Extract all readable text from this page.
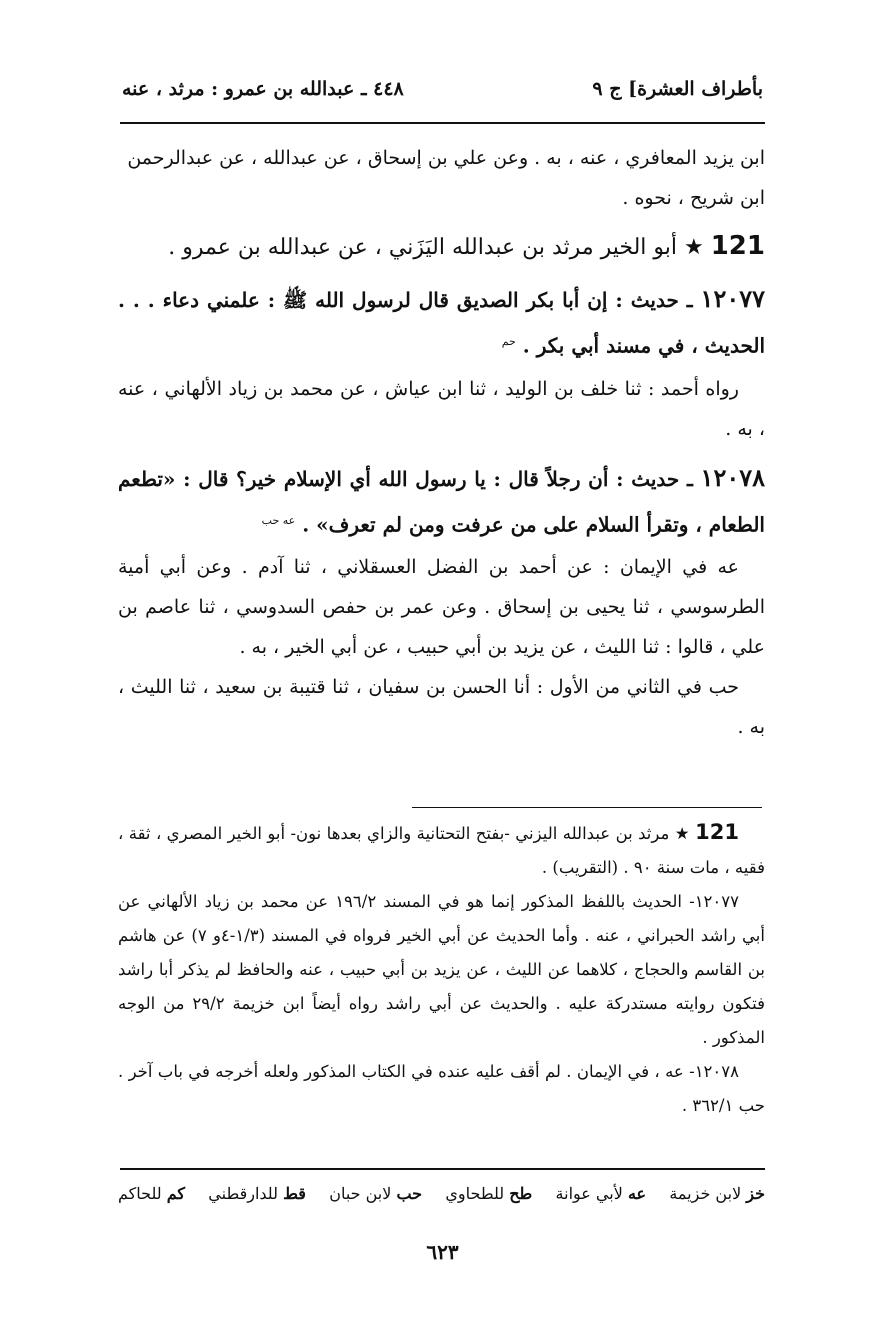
بأطراف العشرة] ج ٩
٤٤٨ ـ عبدالله بن عمرو : مرثد ، عنه

ابن يزيد المعافري ، عنه ، به . وعن علي بن إسحاق ، عن عبدالله ، عن عبدالرحمن

ابن شريح ، نحوه .

121 ★ أبو الخير مرثد بن عبدالله اليَزَني ، عن عبدالله بن عمرو .
١٢٠٧٧ ـ حديث : إن أبا بكر الصديق قال لرسول الله ﷺ : علمني دعاء . . . الحديث ، في مسند أبي بكر . $^{حم}$

رواه أحمد : ثنا خلف بن الوليد ، ثنا ابن عياش ، عن محمد بن زياد الألهاني ، عنه ، به .

١٢٠٧٨ ـ حديث : أن رجلاً قال : يا رسول الله أي الإسلام خير؟ قال : «تطعم الطعام ، وتقرأ السلام على من عرفت ومن لم تعرف» . $^{عه حب}$

عه في الإيمان : عن أحمد بن الفضل العسقلاني ، ثنا آدم . وعن أبي أمية الطرسوسي ، ثنا يحيى بن إسحاق . وعن عمر بن حفص السدوسي ، ثنا عاصم بن علي ، قالوا : ثنا الليث ، عن يزيد بن أبي حبيب ، عن أبي الخير ، به .

حب في الثاني من الأول : أنا الحسن بن سفيان ، ثنا قتيبة بن سعيد ، ثنا الليث ، به .

121 ★ مرثد بن عبدالله اليزني -بفتح التحتانية والزاي بعدها نون- أبو الخير المصري ، ثقة ، فقيه ، مات سنة ٩٠ . (التقريب) .

١٢٠٧٧- الحديث باللفظ المذكور إنما هو في المسند ١٩٦/٢ عن محمد بن زياد الألهاني عن أبي راشد الحبراني ، عنه . وأما الحديث عن أبي الخير فرواه في المسند (١/٣-٤و ٧) عن هاشم بن القاسم والحجاج ، كلاهما عن الليث ، عن يزيد بن أبي حبيب ، عنه والحافظ لم يذكر أبا راشد فتكون روايته مستدركة عليه . والحديث عن أبي راشد رواه أيضاً ابن خزيمة ٢٩/٢ من الوجه المذكور .

١٢٠٧٨- عه ، في الإيمان . لم أقف عليه عنده في الكتاب المذكور ولعله أخرجه في باب آخر . حب ٣٦٢/١ .

خز لابن خزيمة
عه لأبي عوانة
طح للطحاوي
حب لابن حبان
قط للدارقطني
كم للحاكم
٦٢٣
